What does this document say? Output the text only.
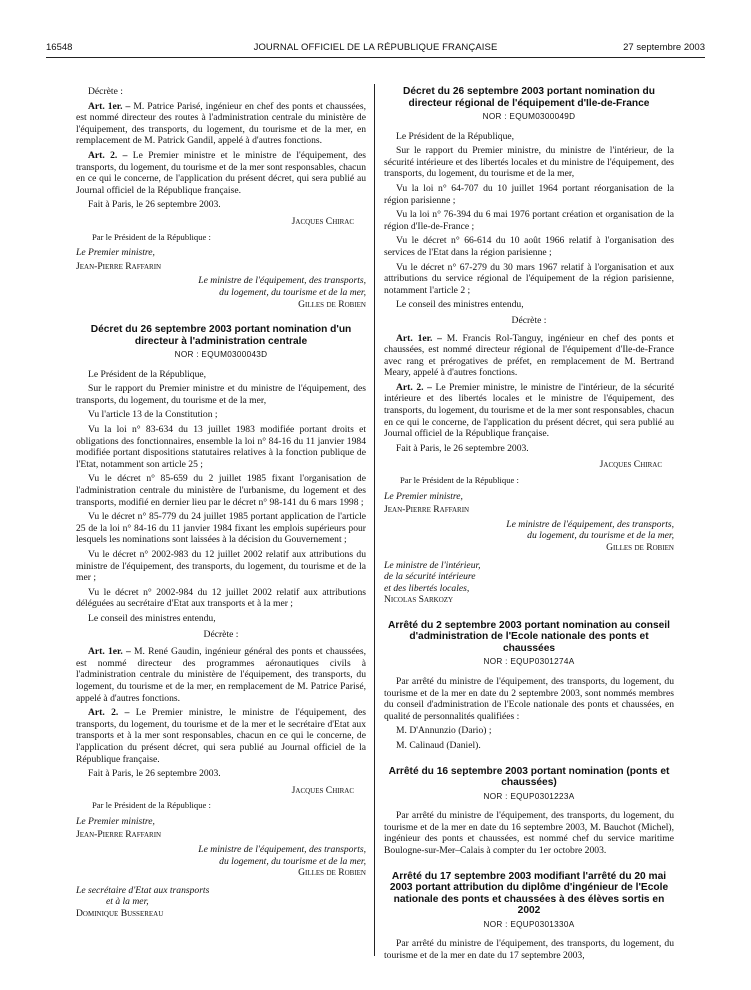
16548	JOURNAL OFFICIEL DE LA RÉPUBLIQUE FRANÇAISE	27 septembre 2003

Décrète :

Art. 1er. – M. Patrice Parisé, ingénieur en chef des ponts et chaussées, est nommé directeur des routes à l'administration centrale du ministère de l'équipement, des transports, du logement, du tourisme et de la mer, en remplacement de M. Patrick Gandil, appelé à d'autres fonctions.

Art. 2. – Le Premier ministre et le ministre de l'équipement, des transports, du logement, du tourisme et de la mer sont responsables, chacun en ce qui le concerne, de l'application du présent décret, qui sera publié au Journal officiel de la République française.

Fait à Paris, le 26 septembre 2003.

Jacques Chirac

Par le Président de la République :

Le Premier ministre,

Jean-Pierre Raffarin

Le ministre de l'équipement, des transports,
du logement, du tourisme et de la mer,
Gilles de Robien
Décret du 26 septembre 2003 portant nomination d'un directeur à l'administration centrale
NOR : EQUM0300043D

Le Président de la République,

Sur le rapport du Premier ministre et du ministre de l'équipement, des transports, du logement, du tourisme et de la mer,

Vu l'article 13 de la Constitution ;

Vu la loi n° 83-634 du 13 juillet 1983 modifiée portant droits et obligations des fonctionnaires, ensemble la loi n° 84-16 du 11 janvier 1984 modifiée portant dispositions statutaires relatives à la fonction publique de l'Etat, notamment son article 25 ;

Vu le décret n° 85-659 du 2 juillet 1985 fixant l'organisation de l'administration centrale du ministère de l'urbanisme, du logement et des transports, modifié en dernier lieu par le décret n° 98-141 du 6 mars 1998 ;

Vu le décret n° 85-779 du 24 juillet 1985 portant application de l'article 25 de la loi n° 84-16 du 11 janvier 1984 fixant les emplois supérieurs pour lesquels les nominations sont laissées à la décision du Gouvernement ;

Vu le décret n° 2002-983 du 12 juillet 2002 relatif aux attributions du ministre de l'équipement, des transports, du logement, du tourisme et de la mer ;

Vu le décret n° 2002-984 du 12 juillet 2002 relatif aux attributions déléguées au secrétaire d'Etat aux transports et à la mer ;

Le conseil des ministres entendu,

Décrète :

Art. 1er. – M. René Gaudin, ingénieur général des ponts et chaussées, est nommé directeur des programmes aéronautiques civils à l'administration centrale du ministère de l'équipement, des transports, du logement, du tourisme et de la mer, en remplacement de M. Patrice Parisé, appelé à d'autres fonctions.

Art. 2. – Le Premier ministre, le ministre de l'équipement, des transports, du logement, du tourisme et de la mer et le secrétaire d'Etat aux transports et à la mer sont responsables, chacun en ce qui le concerne, de l'application du présent décret, qui sera publié au Journal officiel de la République française.

Fait à Paris, le 26 septembre 2003.

Jacques Chirac

Par le Président de la République :

Le Premier ministre,

Jean-Pierre Raffarin

Le ministre de l'équipement, des transports,
du logement, du tourisme et de la mer,
Gilles de Robien
Le secrétaire d'Etat aux transports
et à la mer,
Dominique Bussereau
Décret du 26 septembre 2003 portant nomination du directeur régional de l'équipement d'Ile-de-France
NOR : EQUM0300049D

Le Président de la République,

Sur le rapport du Premier ministre, du ministre de l'intérieur, de la sécurité intérieure et des libertés locales et du ministre de l'équipement, des transports, du logement, du tourisme et de la mer,

Vu la loi n° 64-707 du 10 juillet 1964 portant réorganisation de la région parisienne ;

Vu la loi n° 76-394 du 6 mai 1976 portant création et organisation de la région d'Ile-de-France ;

Vu le décret n° 66-614 du 10 août 1966 relatif à l'organisation des services de l'Etat dans la région parisienne ;

Vu le décret n° 67-279 du 30 mars 1967 relatif à l'organisation et aux attributions du service régional de l'équipement de la région parisienne, notamment l'article 2 ;

Le conseil des ministres entendu,

Décrète :

Art. 1er. – M. Francis Rol-Tanguy, ingénieur en chef des ponts et chaussées, est nommé directeur régional de l'équipement d'Ile-de-France avec rang et prérogatives de préfet, en remplacement de M. Bertrand Meary, appelé à d'autres fonctions.

Art. 2. – Le Premier ministre, le ministre de l'intérieur, de la sécurité intérieure et des libertés locales et le ministre de l'équipement, des transports, du logement, du tourisme et de la mer sont responsables, chacun en ce qui le concerne, de l'application du présent décret, qui sera publié au Journal officiel de la République française.

Fait à Paris, le 26 septembre 2003.

Jacques Chirac

Par le Président de la République :

Le Premier ministre,

Jean-Pierre Raffarin

Le ministre de l'équipement, des transports,
du logement, du tourisme et de la mer,
Gilles de Robien
Le ministre de l'intérieur,
de la sécurité intérieure
et des libertés locales,
Nicolas Sarkozy
Arrêté du 2 septembre 2003 portant nomination au conseil d'administration de l'Ecole nationale des ponts et chaussées
NOR : EQUP0301274A

Par arrêté du ministre de l'équipement, des transports, du logement, du tourisme et de la mer en date du 2 septembre 2003, sont nommés membres du conseil d'administration de l'Ecole nationale des ponts et chaussées, en qualité de personnalités qualifiées :

M. D'Annunzio (Dario) ;

M. Calinaud (Daniel).

Arrêté du 16 septembre 2003 portant nomination (ponts et chaussées)
NOR : EQUP0301223A

Par arrêté du ministre de l'équipement, des transports, du logement, du tourisme et de la mer en date du 16 septembre 2003, M. Bauchot (Michel), ingénieur des ponts et chaussées, est nommé chef du service maritime Boulogne-sur-Mer–Calais à compter du 1er octobre 2003.

Arrêté du 17 septembre 2003 modifiant l'arrêté du 20 mai 2003 portant attribution du diplôme d'ingénieur de l'Ecole nationale des ponts et chaussées à des élèves sortis en 2002
NOR : EQUP0301330A

Par arrêté du ministre de l'équipement, des transports, du logement, du tourisme et de la mer en date du 17 septembre 2003,
